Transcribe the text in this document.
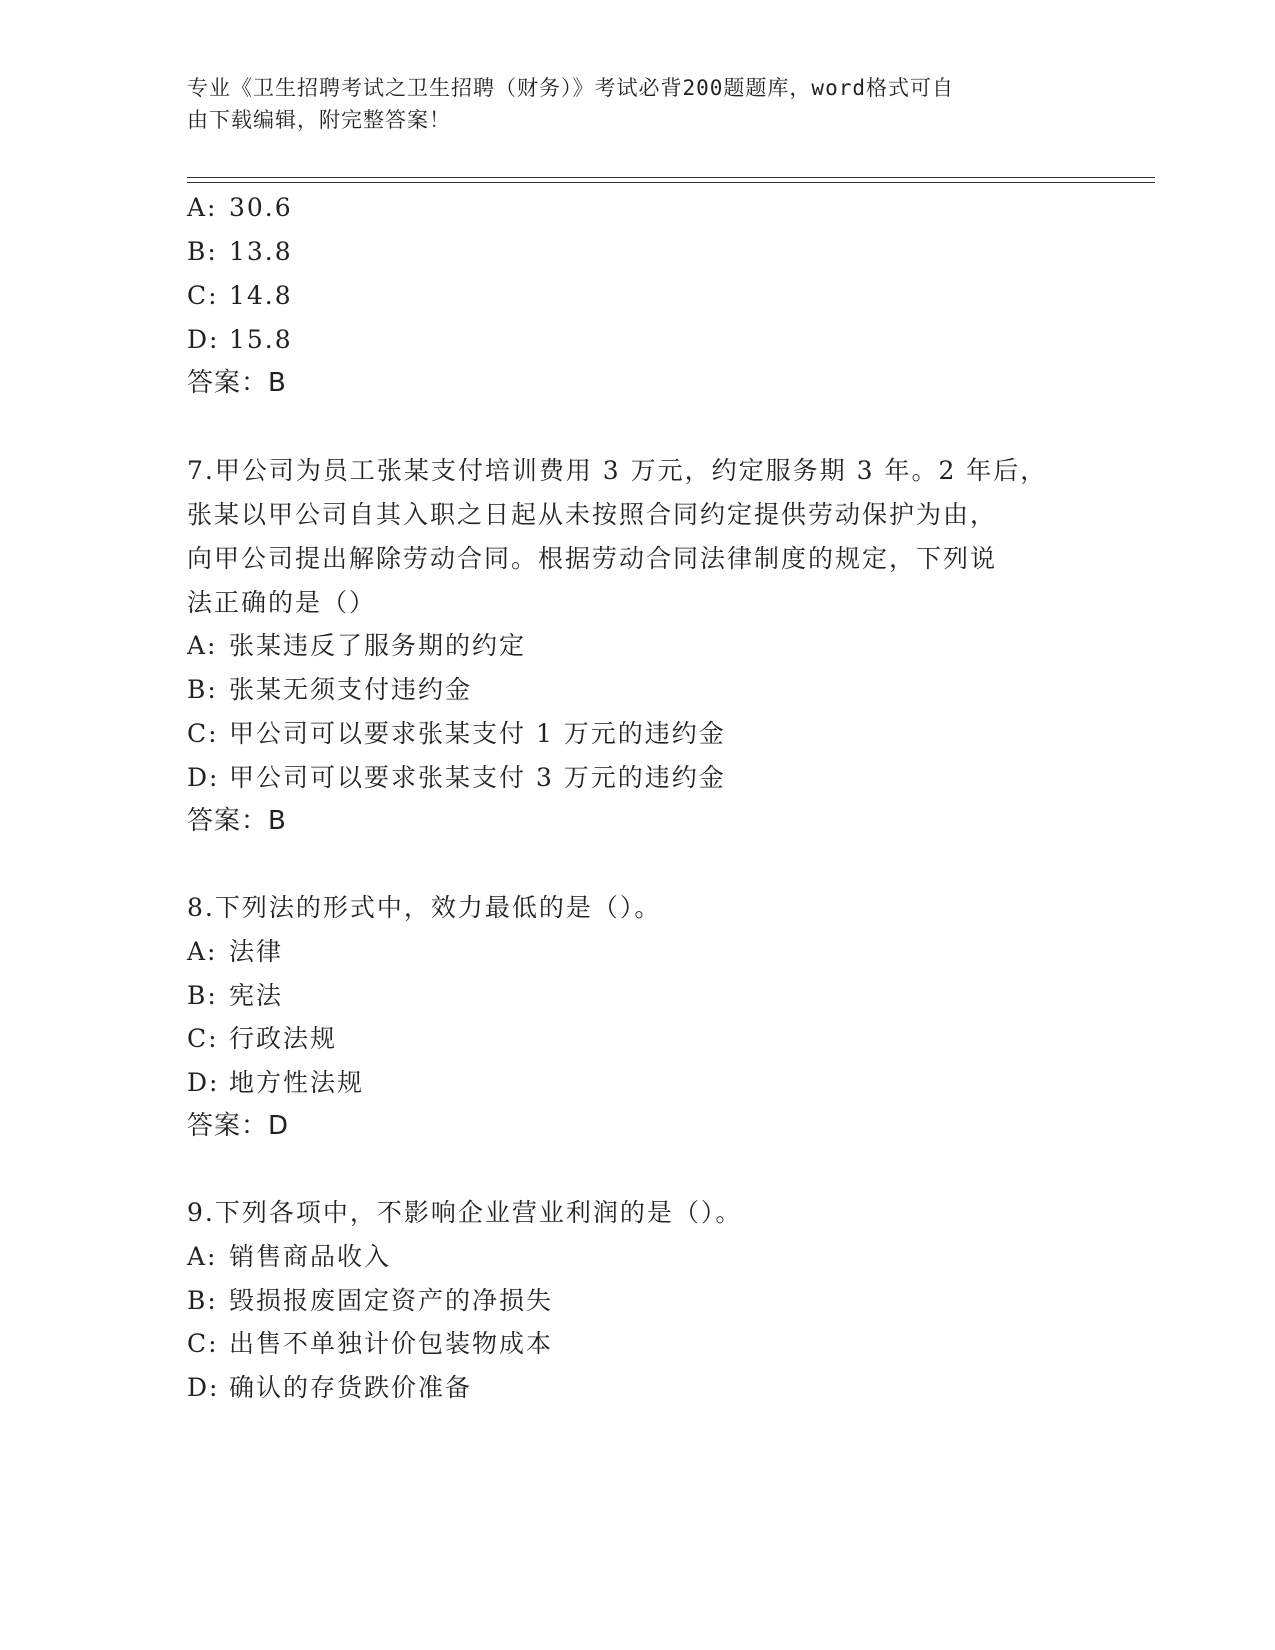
专业《卫生招聘考试之卫生招聘（财务）》考试必背200题题库，word格式可自
由下载编辑，附完整答案！
A: 30.6
B: 13.8
C: 14.8
D: 15.8
答案：B
7.甲公司为员工张某支付培训费用 3 万元，约定服务期 3 年。2 年后，
张某以甲公司自其入职之日起从未按照合同约定提供劳动保护为由，
向甲公司提出解除劳动合同。根据劳动合同法律制度的规定，下列说
法正确的是（）
A: 张某违反了服务期的约定
B: 张某无须支付违约金
C: 甲公司可以要求张某支付 1 万元的违约金
D: 甲公司可以要求张某支付 3 万元的违约金
答案：B
8.下列法的形式中，效力最低的是（）。
A: 法律
B: 宪法
C: 行政法规
D: 地方性法规
答案：D
9.下列各项中，不影响企业营业利润的是（）。
A: 销售商品收入
B: 毁损报废固定资产的净损失
C: 出售不单独计价包装物成本
D: 确认的存货跌价准备
